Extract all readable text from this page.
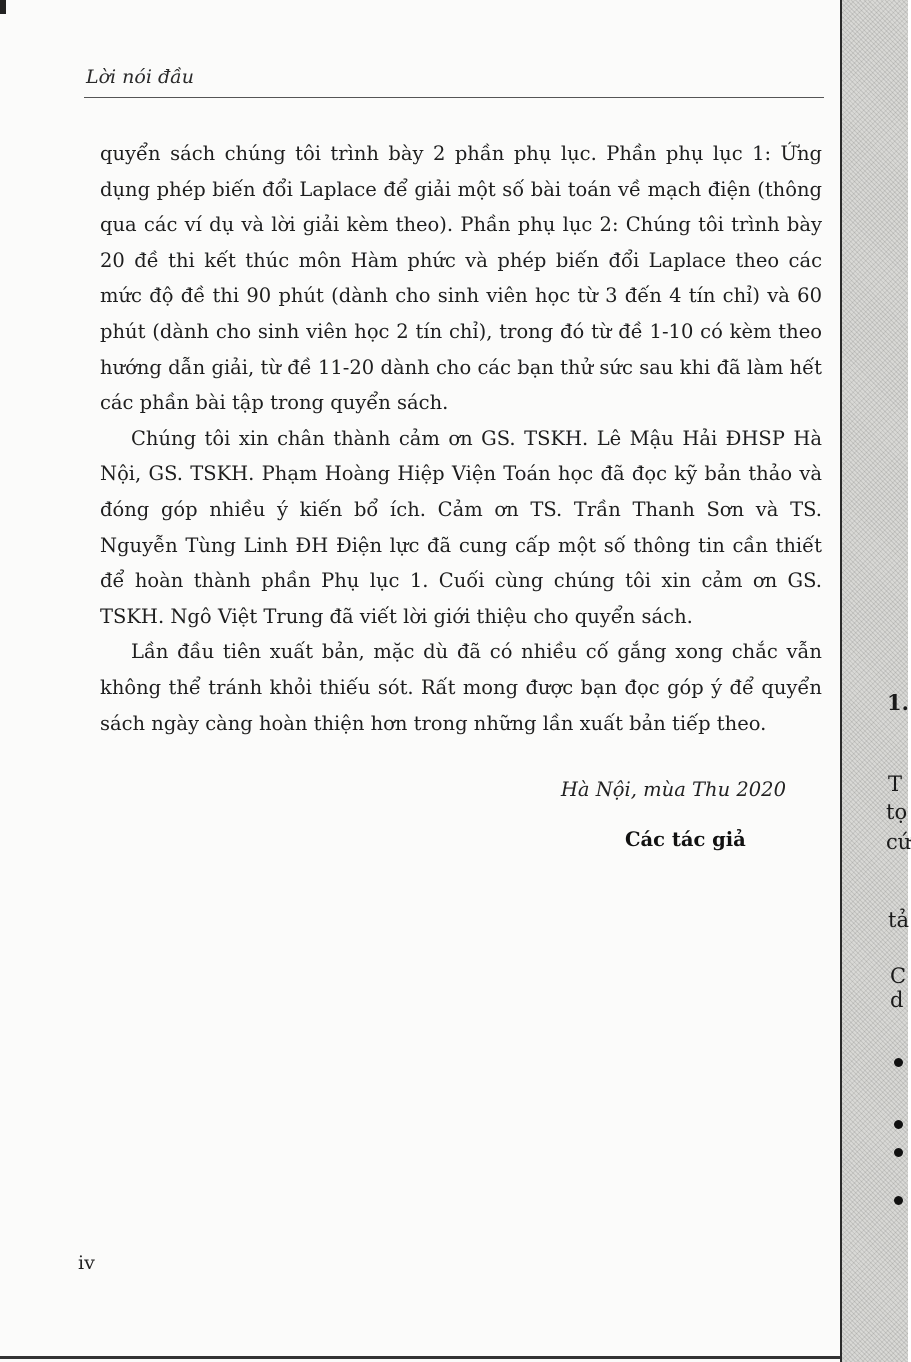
Lời nói đầu

quyển sách chúng tôi trình bày 2 phần phụ lục. Phần phụ lục 1: Ứng dụng phép biến đổi Laplace để giải một số bài toán về mạch điện (thông qua các ví dụ và lời giải kèm theo). Phần phụ lục 2: Chúng tôi trình bày 20 đề thi kết thúc môn Hàm phức và phép biến đổi Laplace theo các mức độ đề thi 90 phút (dành cho sinh viên học từ 3 đến 4 tín chỉ) và 60 phút (dành cho sinh viên học 2 tín chỉ), trong đó từ đề 1-10 có kèm theo hướng dẫn giải, từ đề 11-20 dành cho các bạn thử sức sau khi đã làm hết các phần bài tập trong quyển sách.

Chúng tôi xin chân thành cảm ơn GS. TSKH. Lê Mậu Hải ĐHSP Hà Nội, GS. TSKH. Phạm Hoàng Hiệp Viện Toán học đã đọc kỹ bản thảo và đóng góp nhiều ý kiến bổ ích. Cảm ơn TS. Trần Thanh Sơn và TS. Nguyễn Tùng Linh ĐH Điện lực đã cung cấp một số thông tin cần thiết để hoàn thành phần Phụ lục 1. Cuối cùng chúng tôi xin cảm ơn GS. TSKH. Ngô Việt Trung đã viết lời giới thiệu cho quyển sách.

Lần đầu tiên xuất bản, mặc dù đã có nhiều cố gắng xong chắc vẫn không thể tránh khỏi thiếu sót. Rất mong được bạn đọc góp ý để quyển sách ngày càng hoàn thiện hơn trong những lần xuất bản tiếp theo.

Hà Nội, mùa Thu 2020
Các tác giả
iv
1.
T
tọ
cứ
tả
C
d
